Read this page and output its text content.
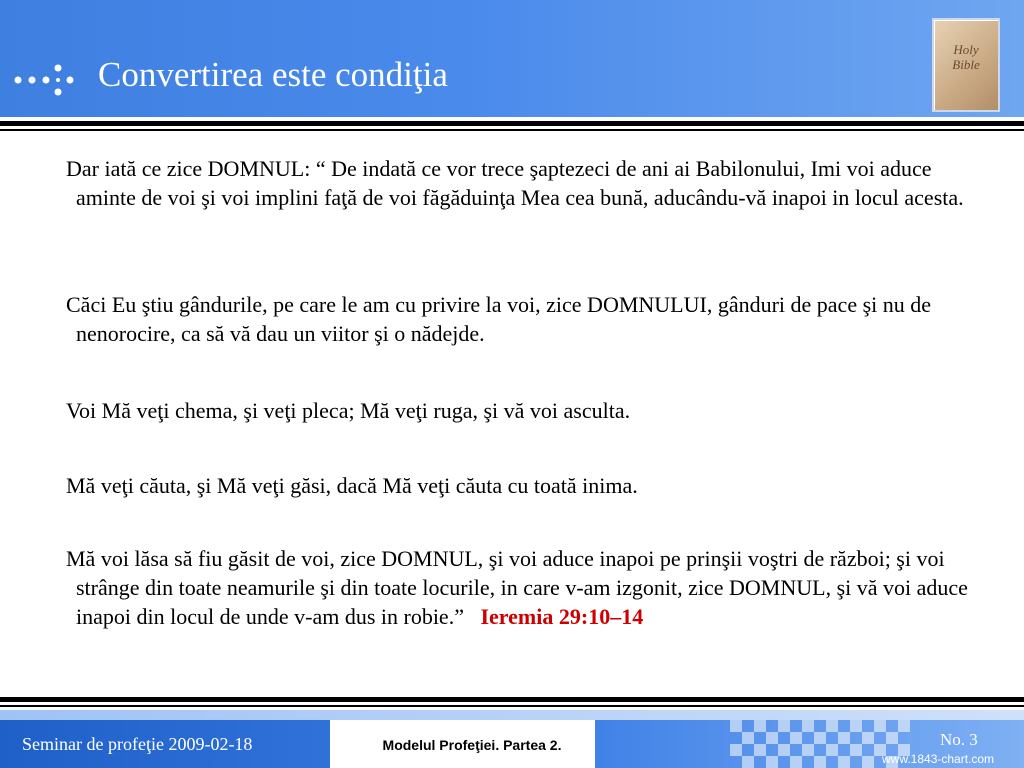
Convertirea este condiţia
Holy Bible
Dar iată ce zice DOMNUL: “ De indată ce vor trece şaptezeci de ani ai Babilonului, Imi voi aduce aminte de voi şi voi implini faţă de voi făgăduinţa Mea cea bună, aducându-vă inapoi in locul acesta.
Căci Eu ştiu gândurile, pe care le am cu privire la voi, zice DOMNULUI, gânduri de pace şi nu de nenorocire, ca să vă dau un viitor şi o nădejde.
Voi Mă veţi chema, şi veţi pleca; Mă veţi ruga, şi vă voi asculta.
Mă veţi căuta, şi Mă veţi găsi, dacă Mă veţi căuta cu toată inima.
Mă voi lăsa să fiu găsit de voi, zice DOMNUL, şi voi aduce inapoi pe prinşii voştri de război; şi voi strânge din toate neamurile şi din toate locurile, in care v-am izgonit, zice DOMNUL, şi vă voi aduce inapoi din locul de unde v-am dus in robie.” Ieremia 29:10–14
Seminar de profeţie 2009-02-18	Modelul Profeţiei. Partea 2.	No. 3
www.1843-chart.com
